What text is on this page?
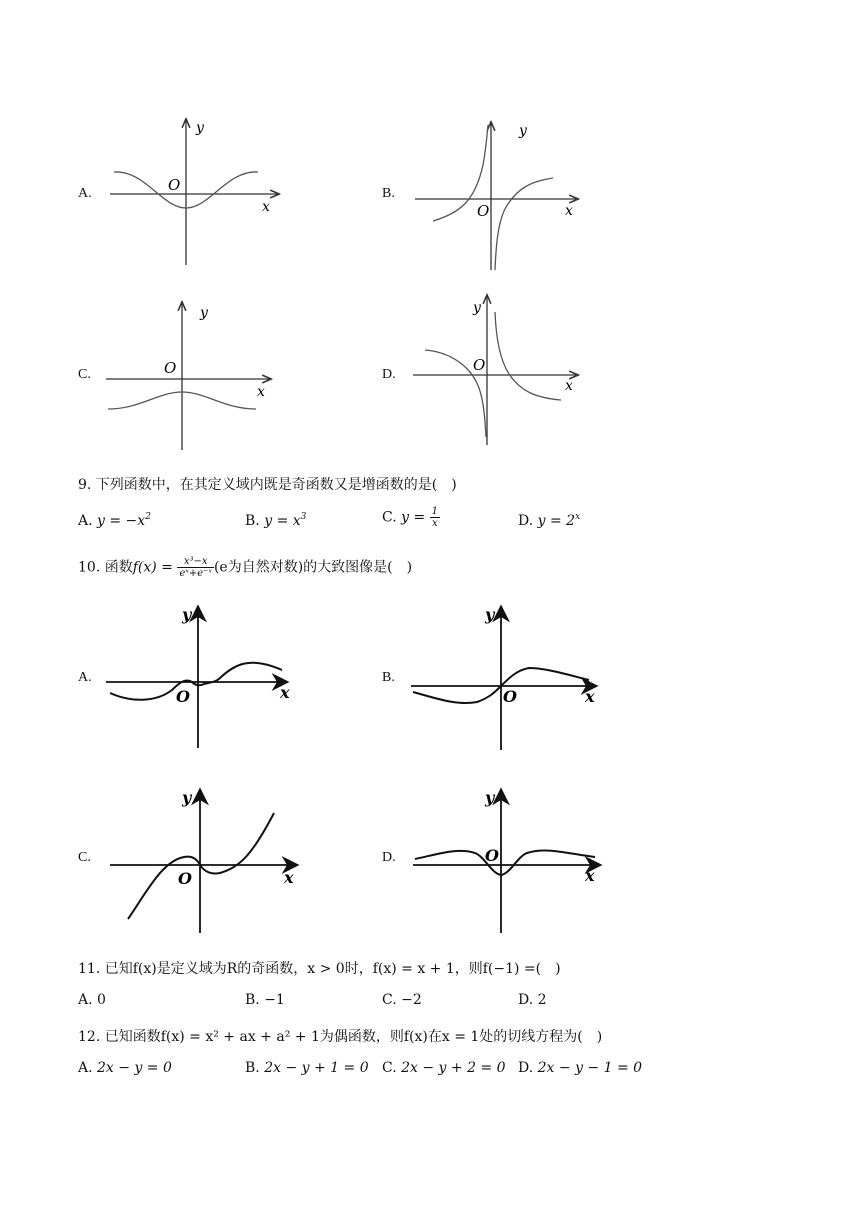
A.	B.
C.	D.
y
x
O
y
x
O
y
x
O
y
x
O
9. 下列函数中，在其定义域内既是奇函数又是增函数的是(　)
A. $y = -x^2$	B. $y = x^3$	C. $y = \frac{1}{x}$	D. $y = 2^x$
10. 函数$f(x) = \frac{\text{x³−x}}{\text{eˣ+e⁻ˣ}} (e$为自然对数)的大致图像是(　)
A.	B.
C.	D.
y
x
O
y
x
O
y
x
O
y
x
O
11. 已知f(x)是定义域为R的奇函数，x > 0时，f(x) = x + 1，则f(−1) =(　)
A. 0	B. −1	C. −2	D. 2
12. 已知函数f(x) = x² + ax + a² + 1为偶函数，则f(x)在x = 1处的切线方程为(　)
A. 2x − y = 0	B. 2x − y + 1 = 0 C. 2x − y + 2 = 0 D. 2x − y − 1 = 0
